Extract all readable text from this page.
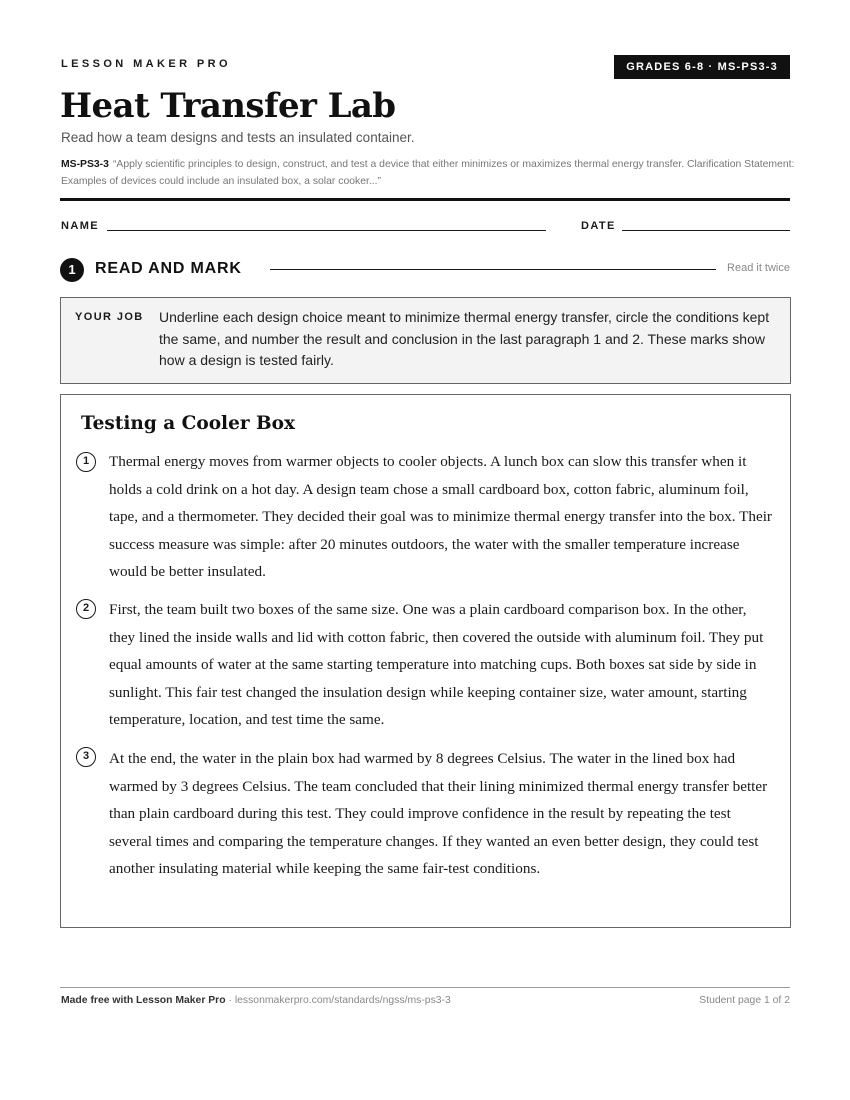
LESSON MAKER PRO	GRADES 6-8 · MS-PS3-3
Heat Transfer Lab
Read how a team designs and tests an insulated container.
MS-PS3-3 “Apply scientific principles to design, construct, and test a device that either minimizes or maximizes thermal energy transfer. Clarification Statement: Examples of devices could include an insulated box, a solar cooker...”
NAME	DATE
1	READ AND MARK	Read it twice
YOUR JOB Underline each design choice meant to minimize thermal energy transfer, circle the conditions kept the same, and number the result and conclusion in the last paragraph 1 and 2. These marks show how a design is tested fairly.
Testing a Cooler Box
1	Thermal energy moves from warmer objects to cooler objects. A lunch box can slow this transfer when it holds a cold drink on a hot day. A design team chose a small cardboard box, cotton fabric, aluminum foil, tape, and a thermometer. They decided their goal was to minimize thermal energy transfer into the box. Their success measure was simple: after 20 minutes outdoors, the water with the smaller temperature increase would be better insulated.

2	First, the team built two boxes of the same size. One was a plain cardboard comparison box. In the other, they lined the inside walls and lid with cotton fabric, then covered the outside with aluminum foil. They put equal amounts of water at the same starting temperature into matching cups. Both boxes sat side by side in sunlight. This fair test changed the insulation design while keeping container size, water amount, starting temperature, location, and test time the same.

3	At the end, the water in the plain box had warmed by 8 degrees Celsius. The water in the lined box had warmed by 3 degrees Celsius. The team concluded that their lining minimized thermal energy transfer better than plain cardboard during this test. They could improve confidence in the result by repeating the test several times and comparing the temperature changes. If they wanted an even better design, they could test another insulating material while keeping the same fair-test conditions.

Made free with Lesson Maker Pro · lessonmakerpro.com/standards/ngss/ms-ps3-3	Student page 1 of 2
